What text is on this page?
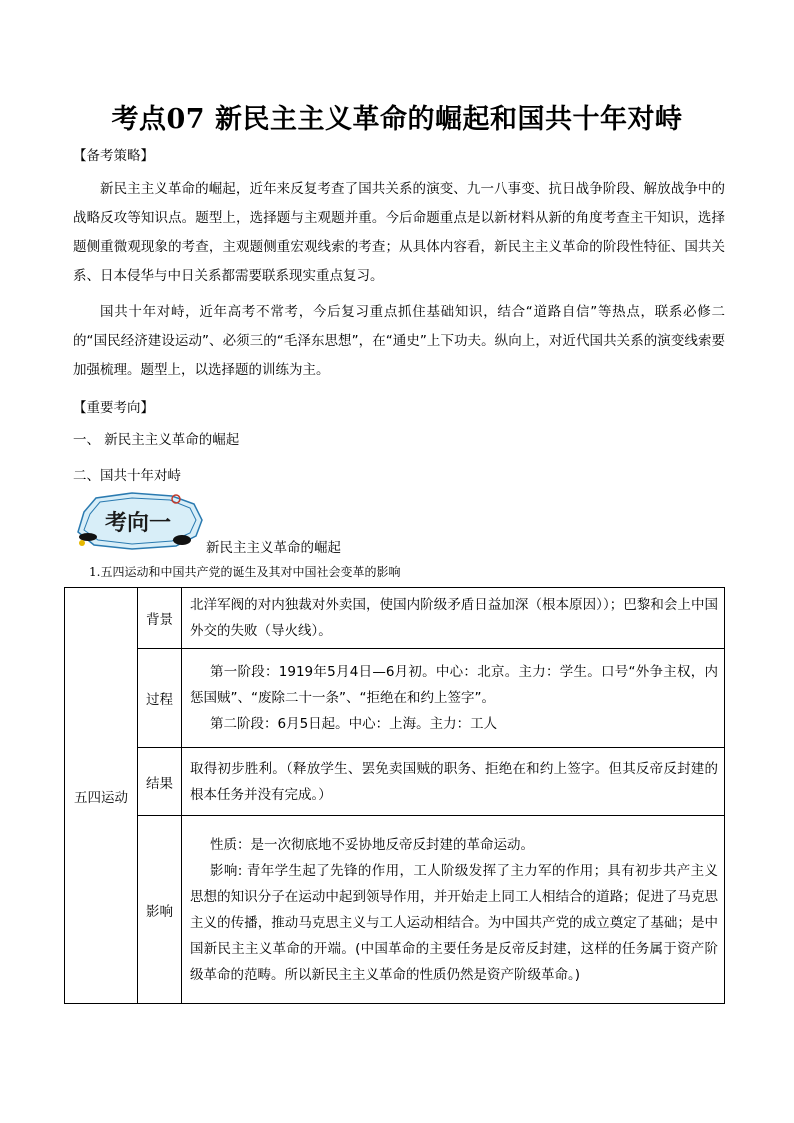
考点07 新民主主义革命的崛起和国共十年对峙
【备考策略】
新民主主义革命的崛起，近年来反复考查了国共关系的演变、九一八事变、抗日战争阶段、解放战争中的战略反攻等知识点。题型上，选择题与主观题并重。今后命题重点是以新材料从新的角度考查主干知识，选择题侧重微观现象的考查，主观题侧重宏观线索的考查；从具体内容看，新民主主义革命的阶段性特征、国共关系、日本侵华与中日关系都需要联系现实重点复习。
国共十年对峙，近年高考不常考，今后复习重点抓住基础知识，结合“道路自信”等热点，联系必修二的“国民经济建设运动”、必须三的“毛泽东思想”，在“通史”上下功夫。纵向上，对近代国共关系的演变线索要加强梳理。题型上，以选择题的训练为主。
【重要考向】
一、 新民主主义革命的崛起
二、国共十年对峙
考向一
新民主主义革命的崛起
1.五四运动和中国共产党的诞生及其对中国社会变革的影响
五四运动	背景	北洋军阀的对内独裁对外卖国，使国内阶级矛盾日益加深（根本原因））；巴黎和会上中国外交的失败（导火线）。

	过程	第一阶段：1919年5月4日—6月初。中心：北京。主力：学生。口号“外争主权，内惩国贼”、“废除二十一条”、“拒绝在和约上签字”。
第二阶段：6月5日起。中心：上海。主力：工人

	结果	取得初步胜利。（释放学生、罢免卖国贼的职务、拒绝在和约上签字。但其反帝反封建的根本任务并没有完成。）

	影响	性质：是一次彻底地不妥协地反帝反封建的革命运动。
影响: 青年学生起了先锋的作用，工人阶级发挥了主力军的作用；具有初步共产主义思想的知识分子在运动中起到领导作用，并开始走上同工人相结合的道路；促进了马克思主义的传播，推动马克思主义与工人运动相结合。为中国共产党的成立奠定了基础；是中国新民主主义革命的开端。(中国革命的主要任务是反帝反封建，这样的任务属于资产阶级革命的范畴。所以新民主主义革命的性质仍然是资产阶级革命。)
